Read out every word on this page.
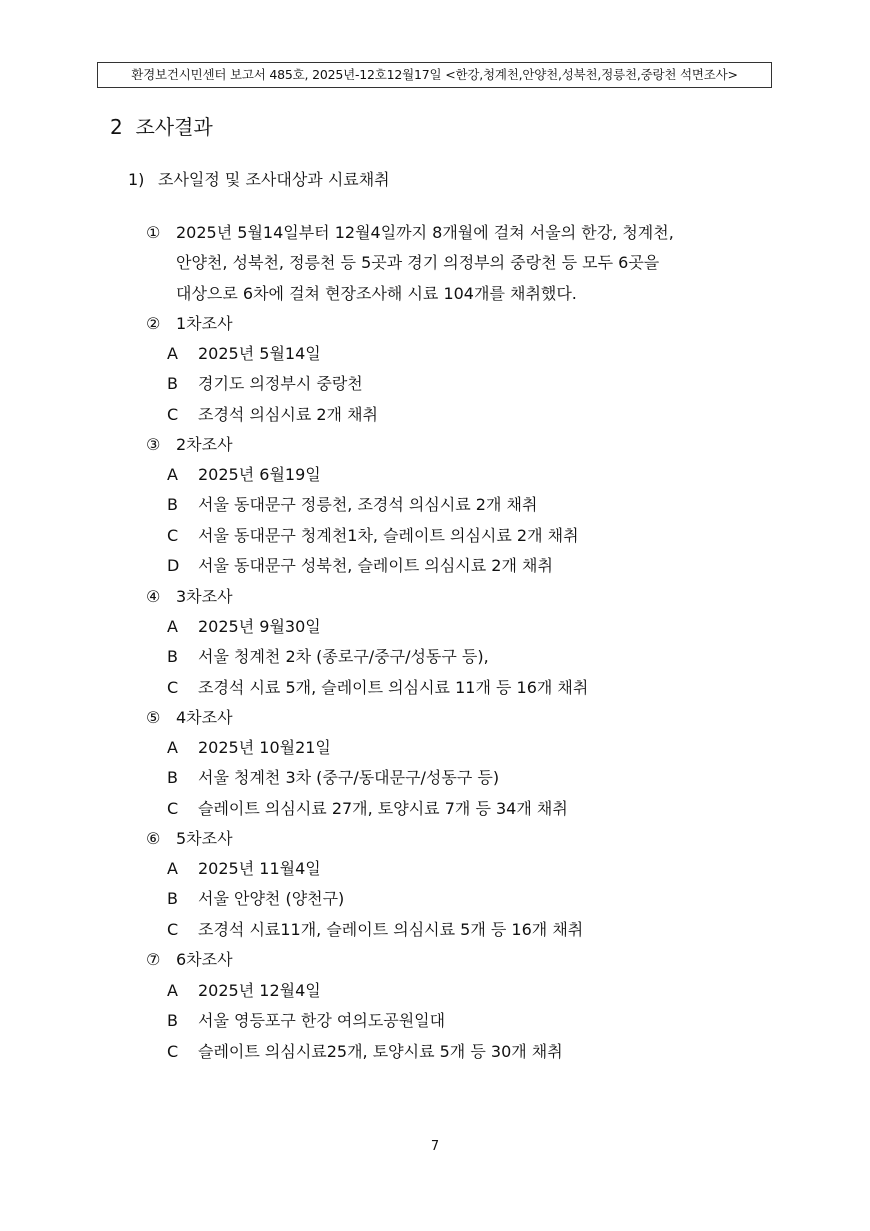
환경보건시민센터 보고서 485호, 2025년-12호12월17일 <한강,청계천,안양천,성북천,정릉천,중랑천 석면조사>
2 조사결과
1) 조사일정 및 조사대상과 시료채취
① 2025년 5월14일부터 12월4일까지 8개월에 걸쳐 서울의 한강, 청계천,
안양천, 성북천, 정릉천 등 5곳과 경기 의정부의 중랑천 등 모두 6곳을
대상으로 6차에 걸쳐 현장조사해 시료 104개를 채취했다.
② 1차조사
A 2025년 5월14일
B 경기도 의정부시 중랑천
C 조경석 의심시료 2개 채취
③ 2차조사
A 2025년 6월19일
B 서울 동대문구 정릉천, 조경석 의심시료 2개 채취
C 서울 동대문구 청계천1차, 슬레이트 의심시료 2개 채취
D 서울 동대문구 성북천, 슬레이트 의심시료 2개 채취
④ 3차조사
A 2025년 9월30일
B 서울 청계천 2차 (종로구/중구/성동구 등),
C 조경석 시료 5개, 슬레이트 의심시료 11개 등 16개 채취
⑤ 4차조사
A 2025년 10월21일
B 서울 청계천 3차 (중구/동대문구/성동구 등)
C 슬레이트 의심시료 27개, 토양시료 7개 등 34개 채취
⑥ 5차조사
A 2025년 11월4일
B 서울 안양천 (양천구)
C 조경석 시료11개, 슬레이트 의심시료 5개 등 16개 채취
⑦ 6차조사
A 2025년 12월4일
B 서울 영등포구 한강 여의도공원일대
C 슬레이트 의심시료25개, 토양시료 5개 등 30개 채취
7
